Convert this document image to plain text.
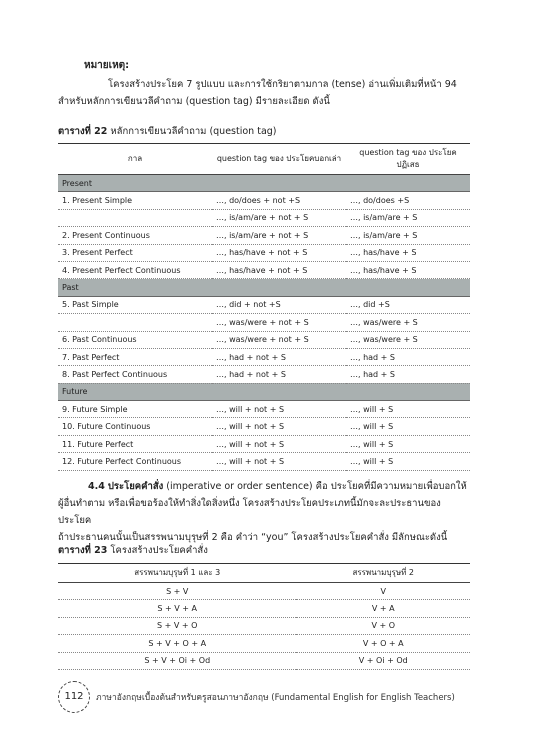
หมายเหตุ:
โครงสร้างประโยค 7 รูปแบบ และการใช้กริยาตามกาล (tense) อ่านเพิ่มเติมที่หน้า 94
สำหรับหลักการเขียนวลีคำถาม (question tag) มีรายละเอียด ดังนี้
ตารางที่ 22 หลักการเขียนวลีคำถาม (question tag)
กาล	question tag ของ ประโยคบอกเล่า	question tag ของ ประโยคปฏิเสธ
Present		
1. Present Simple	…, do/does + not +S	…, do/does +S
	…, is/am/are + not + S	…, is/am/are + S
2. Present Continuous	…, is/am/are + not + S	…, is/am/are + S
3. Present Perfect	…, has/have + not + S	…, has/have + S
4. Present Perfect Continuous	…, has/have + not + S	…, has/have + S
Past		
5. Past Simple	…, did + not +S	…, did +S
	…, was/were + not + S	…, was/were + S
6. Past Continuous	…, was/were + not + S	…, was/were + S
7. Past Perfect	…, had + not + S	…, had + S
8. Past Perfect Continuous	…, had + not + S	…, had + S
Future		
9. Future Simple	…, will + not + S	…, will + S
10. Future Continuous	…, will + not + S	…, will + S
11. Future Perfect	…, will + not + S	…, will + S
12. Future Perfect Continuous	…, will + not + S	…, will + S
4.4 ประโยคคำสั่ง (imperative or order sentence) คือ ประโยคที่มีความหมายเพื่อบอกให้
ผู้อื่นทำตาม หรือเพื่อขอร้องให้ทำสิ่งใดสิ่งหนึ่ง โครงสร้างประโยคประเภทนี้มักจะละประธานของประโยค
ถ้าประธานคนนั้นเป็นสรรพนามบุรุษที่ 2 คือ คำว่า “you” โครงสร้างประโยคคำสั่ง มีลักษณะดังนี้
ตารางที่ 23 โครงสร้างประโยคคำสั่ง
สรรพนามบุรุษที่ 1 และ 3	สรรพนามบุรุษที่ 2
S + V	V
S + V + A	V + A
S + V + O	V + O
S + V + O + A	V + O + A
S + V + Oi + Od	V + Oi + Od
112	ภาษาอังกฤษเบื้องต้นสำหรับครูสอนภาษาอังกฤษ (Fundamental English for English Teachers)
